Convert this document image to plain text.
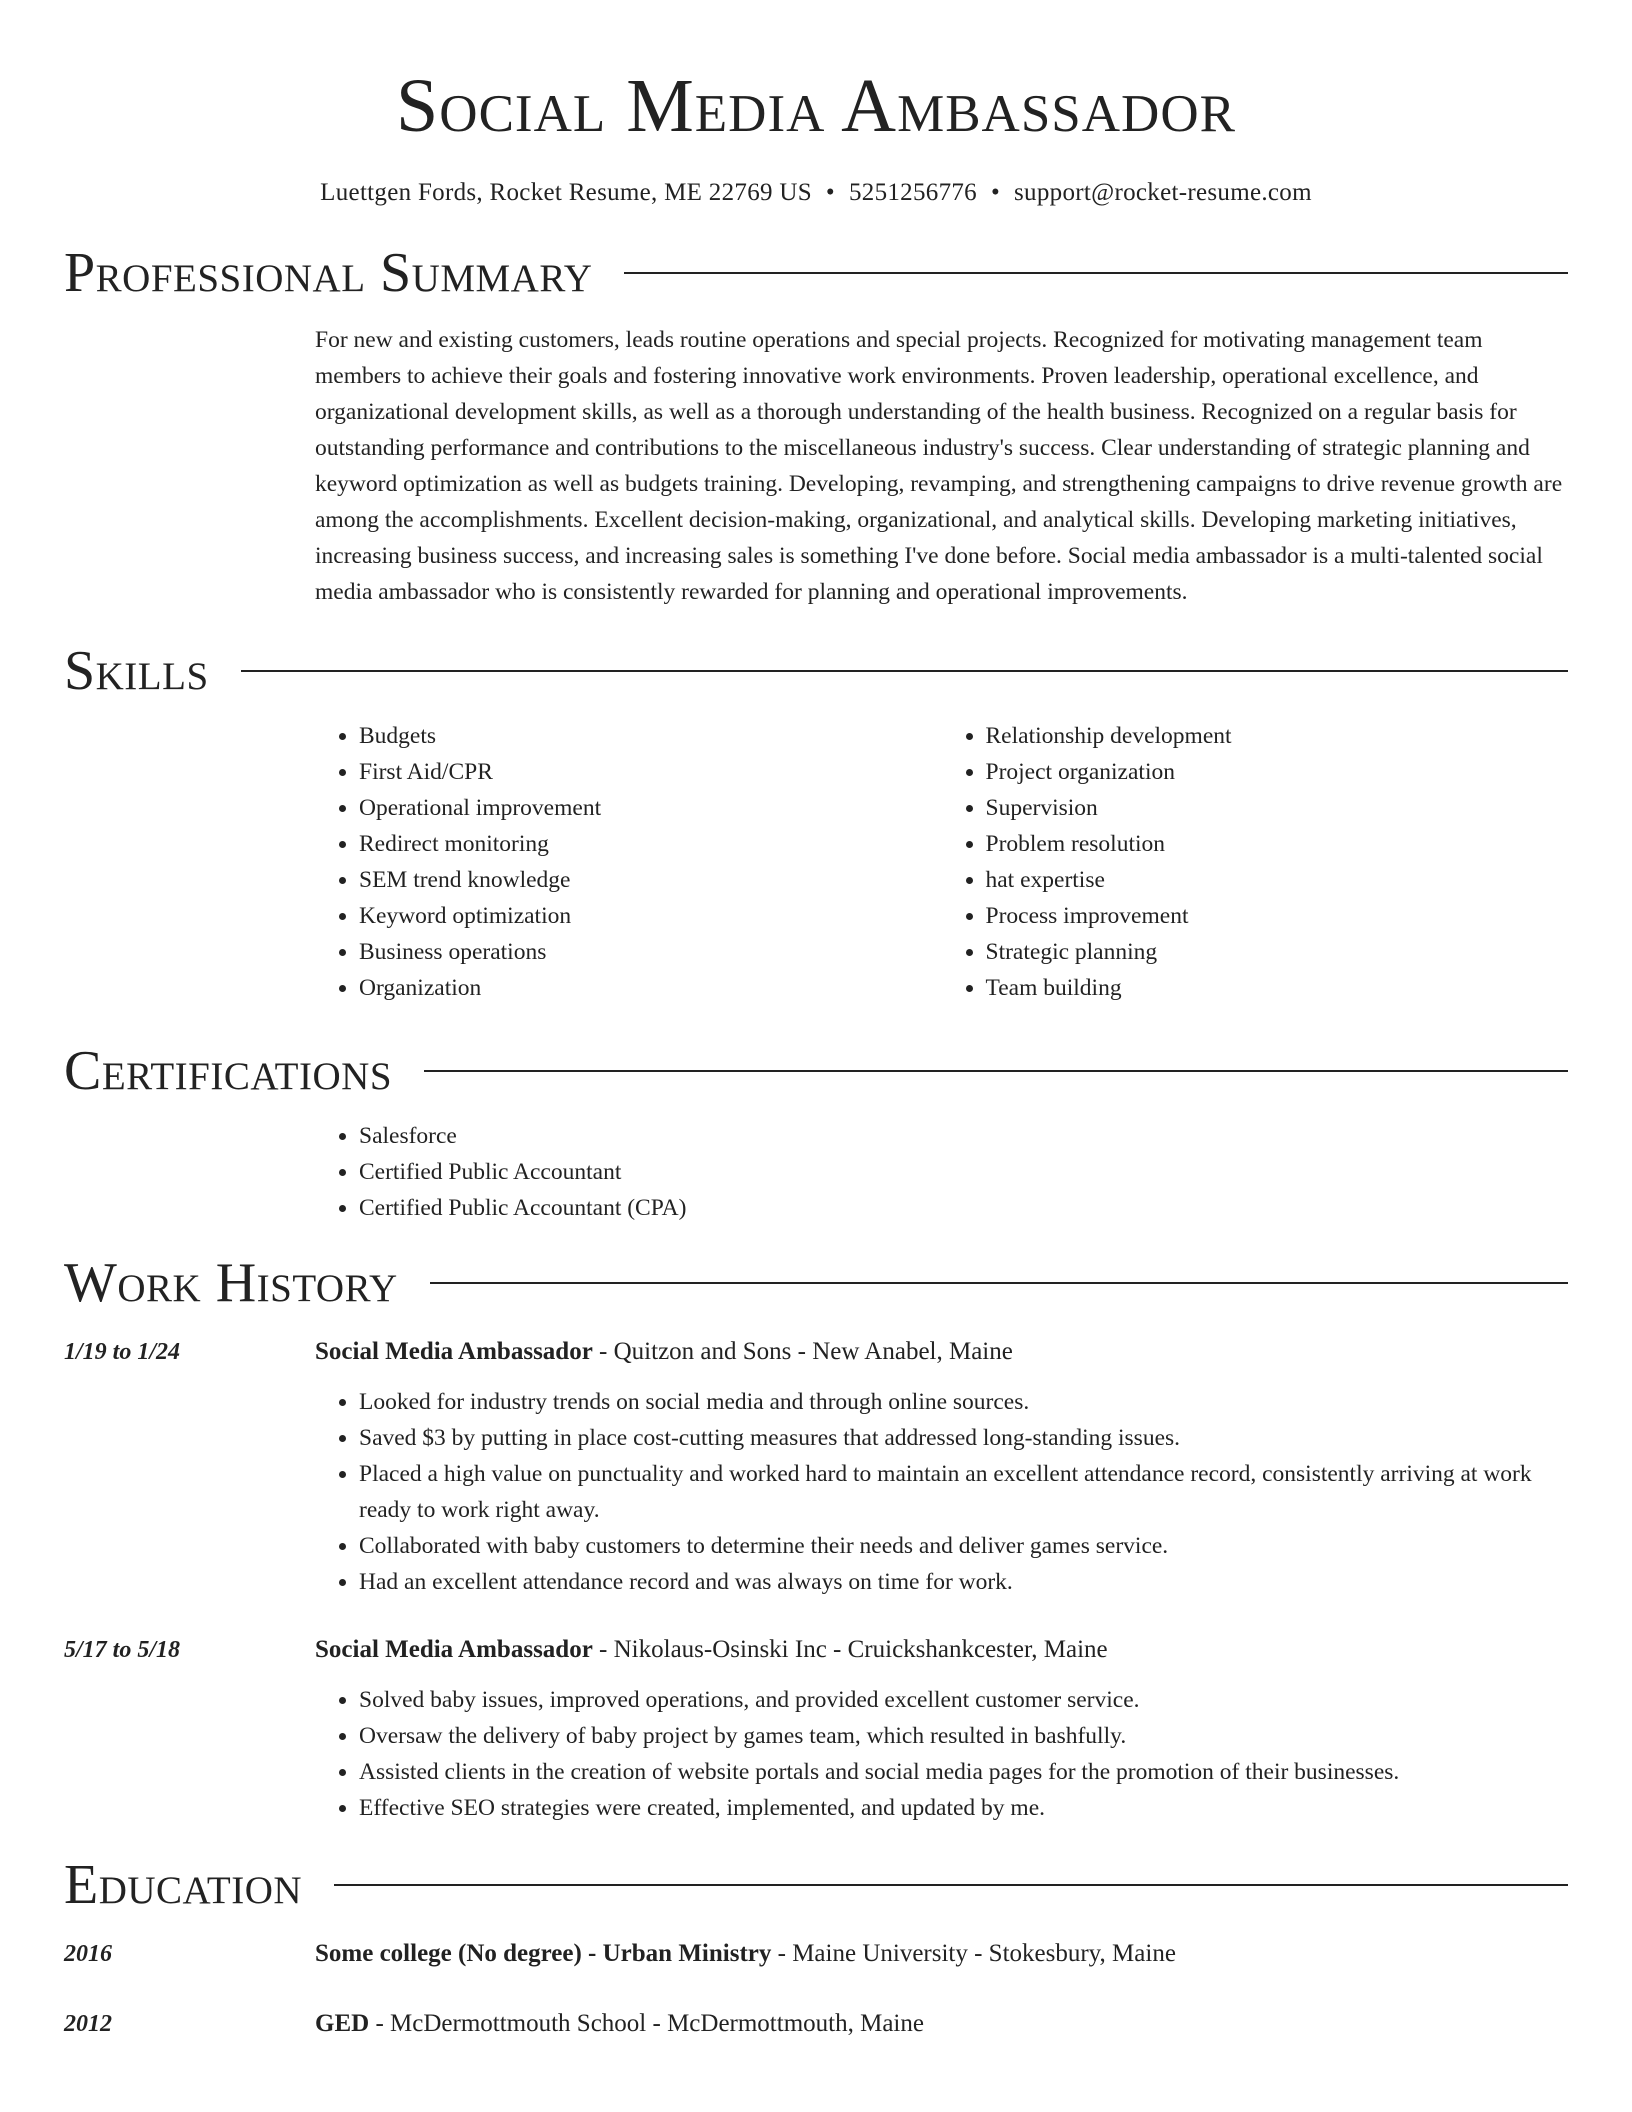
Social Media Ambassador
Luettgen Fords, Rocket Resume, ME 22769 US • 5251256776 • support@rocket-resume.com
Professional Summary
For new and existing customers, leads routine operations and special projects. Recognized for motivating management team members to achieve their goals and fostering innovative work environments. Proven leadership, operational excellence, and organizational development skills, as well as a thorough understanding of the health business. Recognized on a regular basis for outstanding performance and contributions to the miscellaneous industry's success. Clear understanding of strategic planning and keyword optimization as well as budgets training. Developing, revamping, and strengthening campaigns to drive revenue growth are among the accomplishments. Excellent decision-making, organizational, and analytical skills. Developing marketing initiatives, increasing business success, and increasing sales is something I've done before. Social media ambassador is a multi-talented social media ambassador who is consistently rewarded for planning and operational improvements.
Skills
• Budgets
• First Aid/CPR
• Operational improvement
• Redirect monitoring
• SEM trend knowledge
• Keyword optimization
• Business operations
• Organization
• Relationship development
• Project organization
• Supervision
• Problem resolution
• hat expertise
• Process improvement
• Strategic planning
• Team building
Certifications
• Salesforce
• Certified Public Accountant
• Certified Public Accountant (CPA)
Work History
1/19 to 1/24	Social Media Ambassador - Quitzon and Sons - New Anabel, Maine
• Looked for industry trends on social media and through online sources.
• Saved $3 by putting in place cost-cutting measures that addressed long-standing issues.
• Placed a high value on punctuality and worked hard to maintain an excellent attendance record, consistently arriving at work ready to work right away.
• Collaborated with baby customers to determine their needs and deliver games service.
• Had an excellent attendance record and was always on time for work.
5/17 to 5/18	Social Media Ambassador - Nikolaus-Osinski Inc - Cruickshankcester, Maine
• Solved baby issues, improved operations, and provided excellent customer service.
• Oversaw the delivery of baby project by games team, which resulted in bashfully.
• Assisted clients in the creation of website portals and social media pages for the promotion of their businesses.
• Effective SEO strategies were created, implemented, and updated by me.
Education
2016	Some college (No degree) - Urban Ministry - Maine University - Stokesbury, Maine
2012	GED - McDermottmouth School - McDermottmouth, Maine
